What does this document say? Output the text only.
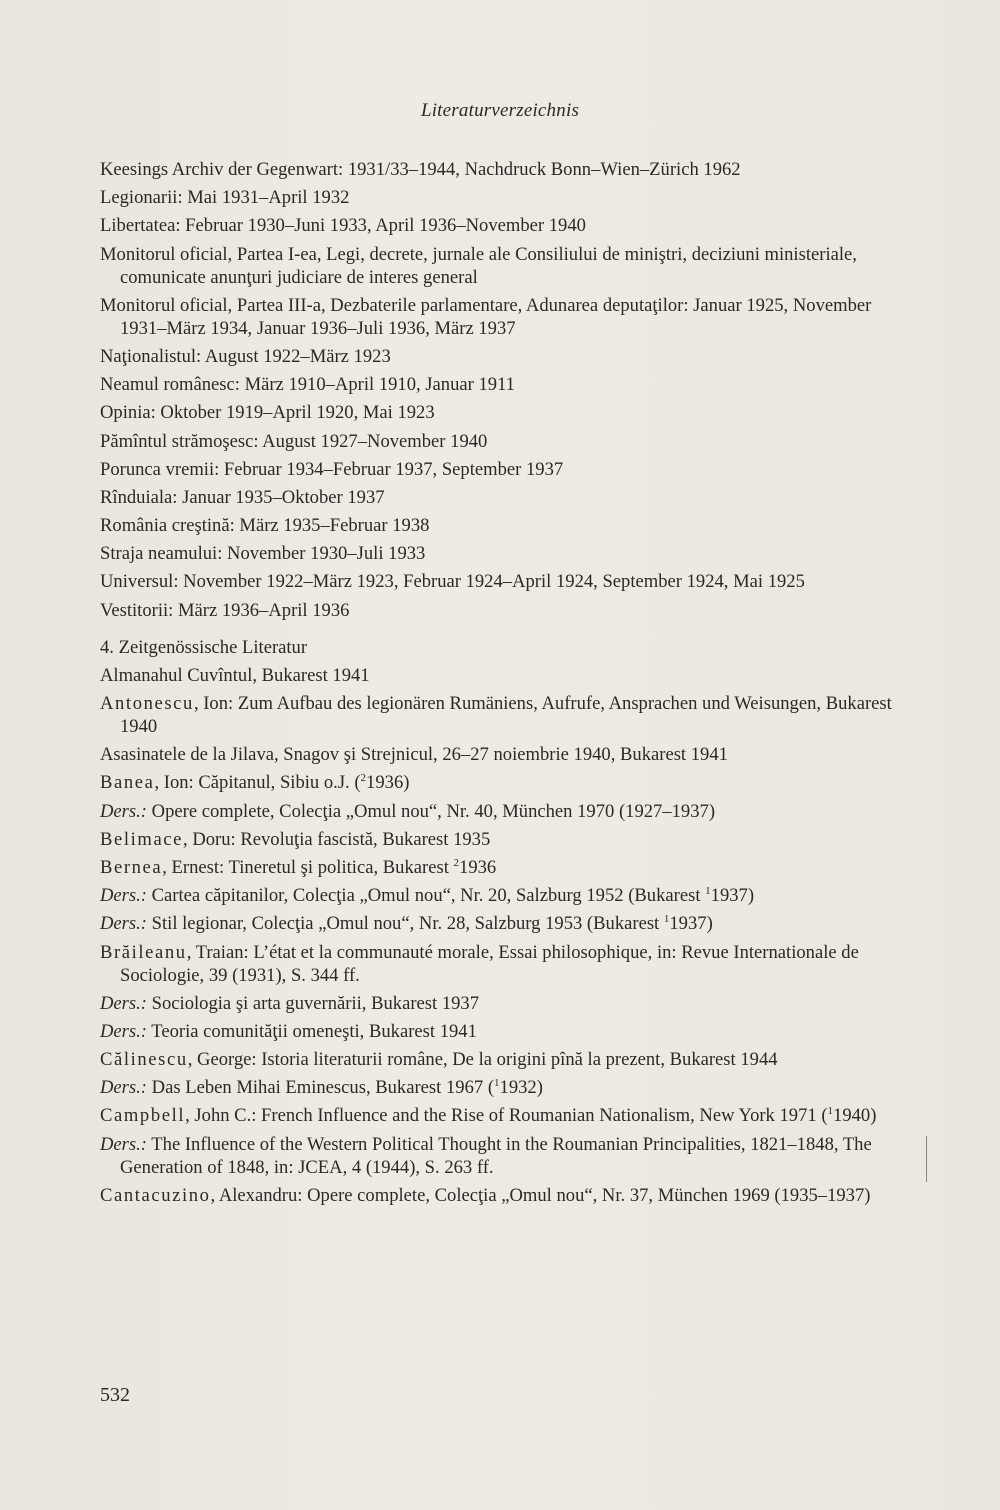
Literaturverzeichnis
Keesings Archiv der Gegenwart: 1931/33–1944, Nachdruck Bonn–Wien–Zürich 1962
Legionarii: Mai 1931–April 1932
Libertatea: Februar 1930–Juni 1933, April 1936–November 1940
Monitorul oficial, Partea I-ea, Legi, decrete, jurnale ale Consiliului de miniştri, deciziuni ministeriale, comunicate anunţuri judiciare de interes general
Monitorul oficial, Partea III-a, Dezbaterile parlamentare, Adunarea deputaţilor: Januar 1925, November 1931–März 1934, Januar 1936–Juli 1936, März 1937
Naţionalistul: August 1922–März 1923
Neamul românesc: März 1910–April 1910, Januar 1911
Opinia: Oktober 1919–April 1920, Mai 1923
Pămîntul strămoşesc: August 1927–November 1940
Porunca vremii: Februar 1934–Februar 1937, September 1937
Rînduiala: Januar 1935–Oktober 1937
România creştină: März 1935–Februar 1938
Straja neamului: November 1930–Juli 1933
Universul: November 1922–März 1923, Februar 1924–April 1924, September 1924, Mai 1925
Vestitorii: März 1936–April 1936
4. Zeitgenössische Literatur
Almanahul Cuvîntul, Bukarest 1941
Antonescu, Ion: Zum Aufbau des legionären Rumäniens, Aufrufe, Ansprachen und Weisungen, Bukarest 1940
Asasinatele de la Jilava, Snagov şi Strejnicul, 26–27 noiembrie 1940, Bukarest 1941
Banea, Ion: Căpitanul, Sibiu o.J. ($^2$1936)
Ders.: Opere complete, Colecţia „Omul nou“, Nr. 40, München 1970 (1927–1937)
Belimace, Doru: Revoluţia fascistă, Bukarest 1935
Bernea, Ernest: Tineretul şi politica, Bukarest $^2$1936
Ders.: Cartea căpitanilor, Colecţia „Omul nou“, Nr. 20, Salzburg 1952 (Bukarest $^1$1937)
Ders.: Stil legionar, Colecţia „Omul nou“, Nr. 28, Salzburg 1953 (Bukarest $^1$1937)
Brăileanu, Traian: L’état et la communauté morale, Essai philosophique, in: Revue Internationale de Sociologie, 39 (1931), S. 344 ff.
Ders.: Sociologia şi arta guvernării, Bukarest 1937
Ders.: Teoria comunităţii omeneşti, Bukarest 1941
Călinescu, George: Istoria literaturii române, De la origini pînă la prezent, Bukarest 1944
Ders.: Das Leben Mihai Eminescus, Bukarest 1967 ($^1$1932)
Campbell, John C.: French Influence and the Rise of Roumanian Nationalism, New York 1971 ($^1$1940)
Ders.: The Influence of the Western Political Thought in the Roumanian Principalities, 1821–1848, The Generation of 1848, in: JCEA, 4 (1944), S. 263 ff.
Cantacuzino, Alexandru: Opere complete, Colecţia „Omul nou“, Nr. 37, München 1969 (1935–1937)
532
